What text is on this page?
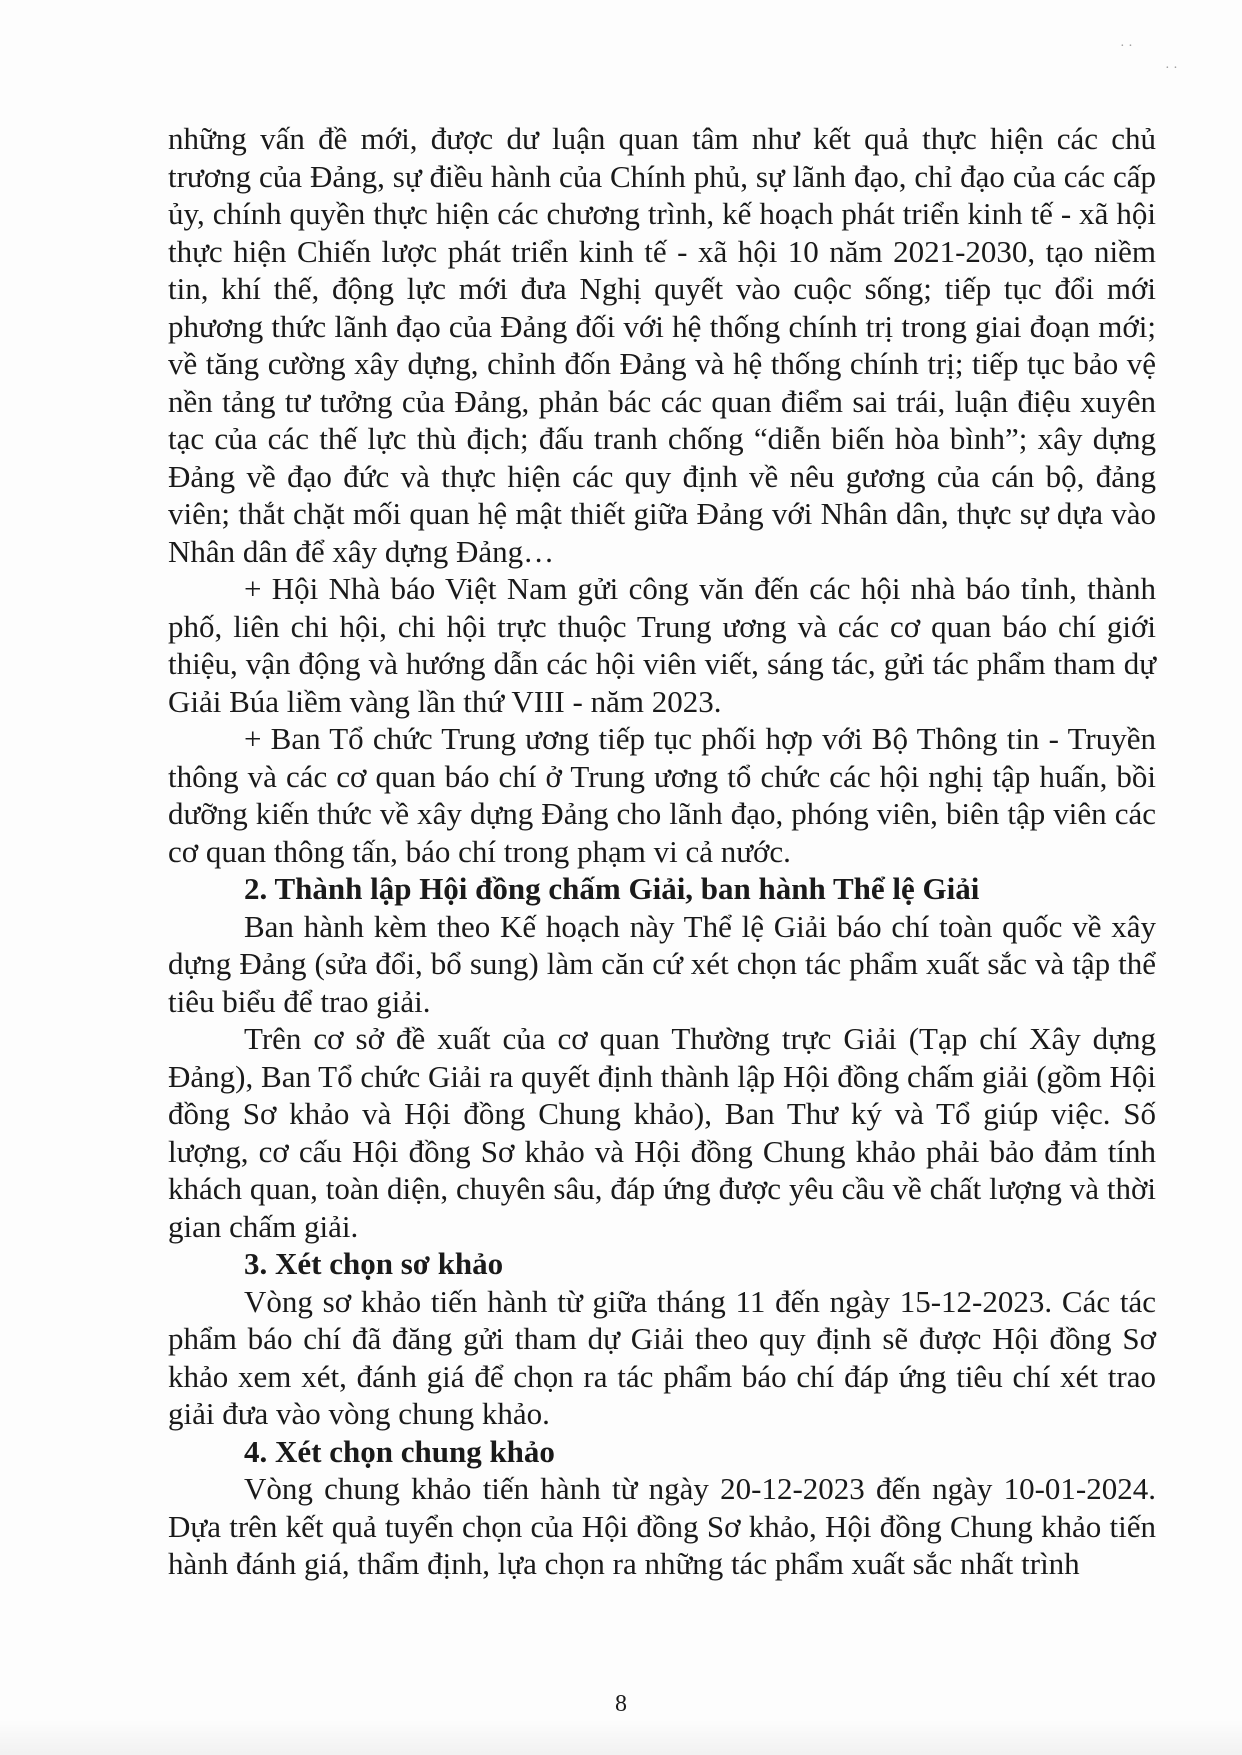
· ·
· ·

những vấn đề mới, được dư luận quan tâm như kết quả thực hiện các chủ trương của Đảng, sự điều hành của Chính phủ, sự lãnh đạo, chỉ đạo của các cấp ủy, chính quyền thực hiện các chương trình, kế hoạch phát triển kinh tế - xã hội thực hiện Chiến lược phát triển kinh tế - xã hội 10 năm 2021-2030, tạo niềm tin, khí thế, động lực mới đưa Nghị quyết vào cuộc sống; tiếp tục đổi mới phương thức lãnh đạo của Đảng đối với hệ thống chính trị trong giai đoạn mới; về tăng cường xây dựng, chỉnh đốn Đảng và hệ thống chính trị; tiếp tục bảo vệ nền tảng tư tưởng của Đảng, phản bác các quan điểm sai trái, luận điệu xuyên tạc của các thế lực thù địch; đấu tranh chống “diễn biến hòa bình”; xây dựng Đảng về đạo đức và thực hiện các quy định về nêu gương của cán bộ, đảng viên; thắt chặt mối quan hệ mật thiết giữa Đảng với Nhân dân, thực sự dựa vào Nhân dân để xây dựng Đảng…

+ Hội Nhà báo Việt Nam gửi công văn đến các hội nhà báo tỉnh, thành phố, liên chi hội, chi hội trực thuộc Trung ương và các cơ quan báo chí giới thiệu, vận động và hướng dẫn các hội viên viết, sáng tác, gửi tác phẩm tham dự Giải Búa liềm vàng lần thứ VIII - năm 2023.

+ Ban Tổ chức Trung ương tiếp tục phối hợp với Bộ Thông tin - Truyền thông và các cơ quan báo chí ở Trung ương tổ chức các hội nghị tập huấn, bồi dưỡng kiến thức về xây dựng Đảng cho lãnh đạo, phóng viên, biên tập viên các cơ quan thông tấn, báo chí trong phạm vi cả nước.

2. Thành lập Hội đồng chấm Giải, ban hành Thể lệ Giải

Ban hành kèm theo Kế hoạch này Thể lệ Giải báo chí toàn quốc về xây dựng Đảng (sửa đổi, bổ sung) làm căn cứ xét chọn tác phẩm xuất sắc và tập thể tiêu biểu để trao giải.

Trên cơ sở đề xuất của cơ quan Thường trực Giải (Tạp chí Xây dựng Đảng), Ban Tổ chức Giải ra quyết định thành lập Hội đồng chấm giải (gồm Hội đồng Sơ khảo và Hội đồng Chung khảo), Ban Thư ký và Tổ giúp việc. Số lượng, cơ cấu Hội đồng Sơ khảo và Hội đồng Chung khảo phải bảo đảm tính khách quan, toàn diện, chuyên sâu, đáp ứng được yêu cầu về chất lượng và thời gian chấm giải.

3. Xét chọn sơ khảo

Vòng sơ khảo tiến hành từ giữa tháng 11 đến ngày 15-12-2023. Các tác phẩm báo chí đã đăng gửi tham dự Giải theo quy định sẽ được Hội đồng Sơ khảo xem xét, đánh giá để chọn ra tác phẩm báo chí đáp ứng tiêu chí xét trao giải đưa vào vòng chung khảo.

4. Xét chọn chung khảo

Vòng chung khảo tiến hành từ ngày 20-12-2023 đến ngày 10-01-2024. Dựa trên kết quả tuyển chọn của Hội đồng Sơ khảo, Hội đồng Chung khảo tiến hành đánh giá, thẩm định, lựa chọn ra những tác phẩm xuất sắc nhất trình

8
